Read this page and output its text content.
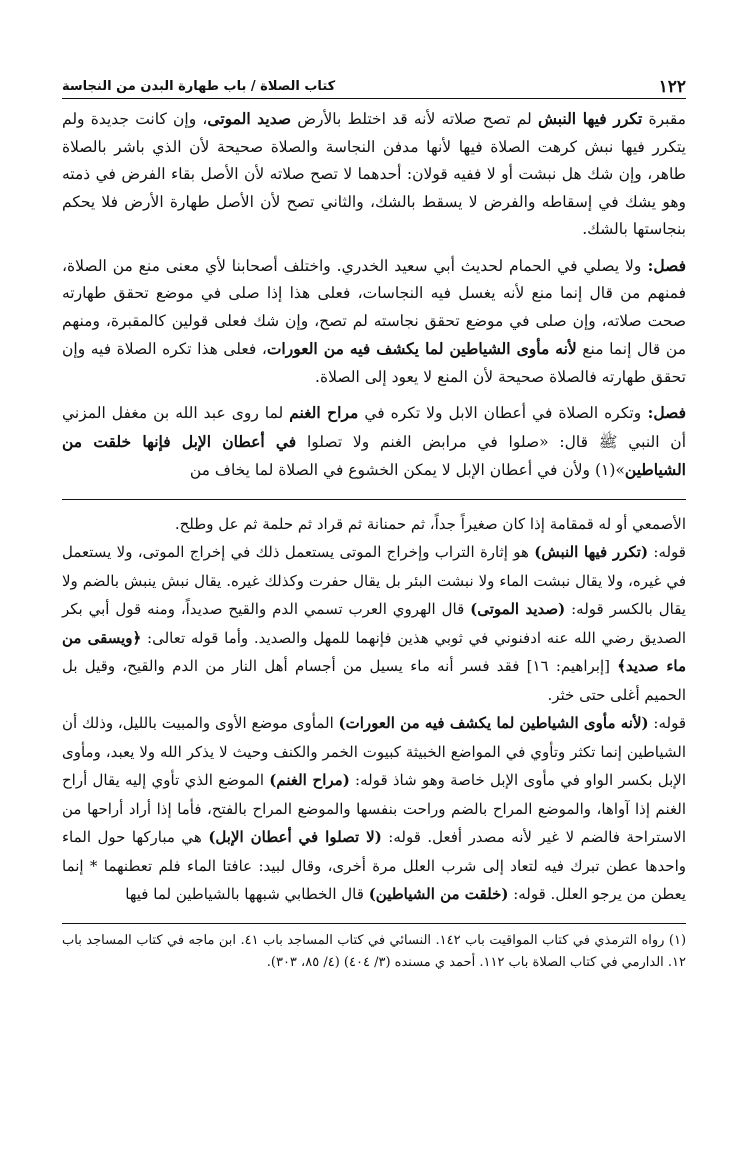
١٢٢
كتاب الصلاة / باب طهارة البدن من النجاسة

مقبرة تكرر فيها النبش لم تصح صلاته لأنه قد اختلط بالأرض صديد الموتى، وإن كانت جديدة ولم يتكرر فيها نبش كرهت الصلاة فيها لأنها مدفن النجاسة والصلاة صحيحة لأن الذي باشر بالصلاة طاهر، وإن شك هل نبشت أو لا ففيه قولان: أحدهما لا تصح صلاته لأن الأصل بقاء الفرض في ذمته وهو يشك في إسقاطه والفرض لا يسقط بالشك، والثاني تصح لأن الأصل طهارة الأرض فلا يحكم بنجاستها بالشك.

فصل: ولا يصلي في الحمام لحديث أبي سعيد الخدري. واختلف أصحابنا لأي معنى منع من الصلاة، فمنهم من قال إنما منع لأنه يغسل فيه النجاسات، فعلى هذا إذا صلى في موضع تحقق طهارته صحت صلاته، وإن صلى في موضع تحقق نجاسته لم تصح، وإن شك فعلى قولين كالمقبرة، ومنهم من قال إنما منع لأنه مأوى الشياطين لما يكشف فيه من العورات، فعلى هذا تكره الصلاة فيه وإن تحقق طهارته فالصلاة صحيحة لأن المنع لا يعود إلى الصلاة.

فصل: وتكره الصلاة في أعطان الابل ولا تكره في مراح الغنم لما روى عبد الله بن مغفل المزني أن النبي ﷺ قال: «صلوا في مرابض الغنم ولا تصلوا في أعطان الإبل فإنها خلقت من الشياطين»(١) ولأن في أعطان الإبل لا يمكن الخشوع في الصلاة لما يخاف من

الأصمعي أو له قمقامة إذا كان صغيراً جداً، ثم حمنانة ثم قراد ثم حلمة ثم عل وطلح.

قوله: (تكرر فيها النبش) هو إثارة التراب وإخراج الموتى يستعمل ذلك في إخراج الموتى، ولا يستعمل في غيره، ولا يقال نبشت الماء ولا نبشت البئر بل يقال حفرت وكذلك غيره. يقال نبش ينبش بالضم ولا يقال بالكسر قوله: (صديد الموتى) قال الهروي العرب تسمي الدم والقيح صديداً، ومنه قول أبي بكر الصديق رضي الله عنه ادفنوني في ثوبي هذين فإنهما للمهل والصديد. وأما قوله تعالى: ﴿ويسقى من ماء صديد﴾ [إبراهيم: ١٦] فقد فسر أنه ماء يسيل من أجسام أهل النار من الدم والقيح، وقيل بل الحميم أغلى حتى خثر.

قوله: (لأنه مأوى الشياطين لما يكشف فيه من العورات) المأوى موضع الأوى والمبيت بالليل، وذلك أن الشياطين إنما تكثر وتأوي في المواضع الخبيثة كبيوت الخمر والكنف وحيث لا يذكر الله ولا يعبد، ومأوى الإبل بكسر الواو في مأوى الإبل خاصة وهو شاذ قوله: (مراح الغنم) الموضع الذي تأوي إليه يقال أراح الغنم إذا آواها، والموضع المراح بالضم وراحت بنفسها والموضع المراح بالفتح، فأما إذا أراد أراحها من الاستراحة فالضم لا غير لأنه مصدر أفعل. قوله: (لا تصلوا في أعطان الإبل) هي مباركها حول الماء واحدها عطن تبرك فيه لتعاد إلى شرب العلل مرة أخرى، وقال لبيد: عافتا الماء فلم تعطنهما * إنما يعطن من يرجو العلل. قوله: (خلقت من الشياطين) قال الخطابي شبهها بالشياطين لما فيها

(١) رواه الترمذي في كتاب المواقيت باب ١٤٢. النسائي في كتاب المساجد باب ٤١. ابن ماجه في كتاب المساجد باب ١٢. الدارمي في كتاب الصلاة باب ١١٢. أحمد ي مسنده (٣/ ٤٠٤) (٤/ ٨٥، ٣٠٣).
